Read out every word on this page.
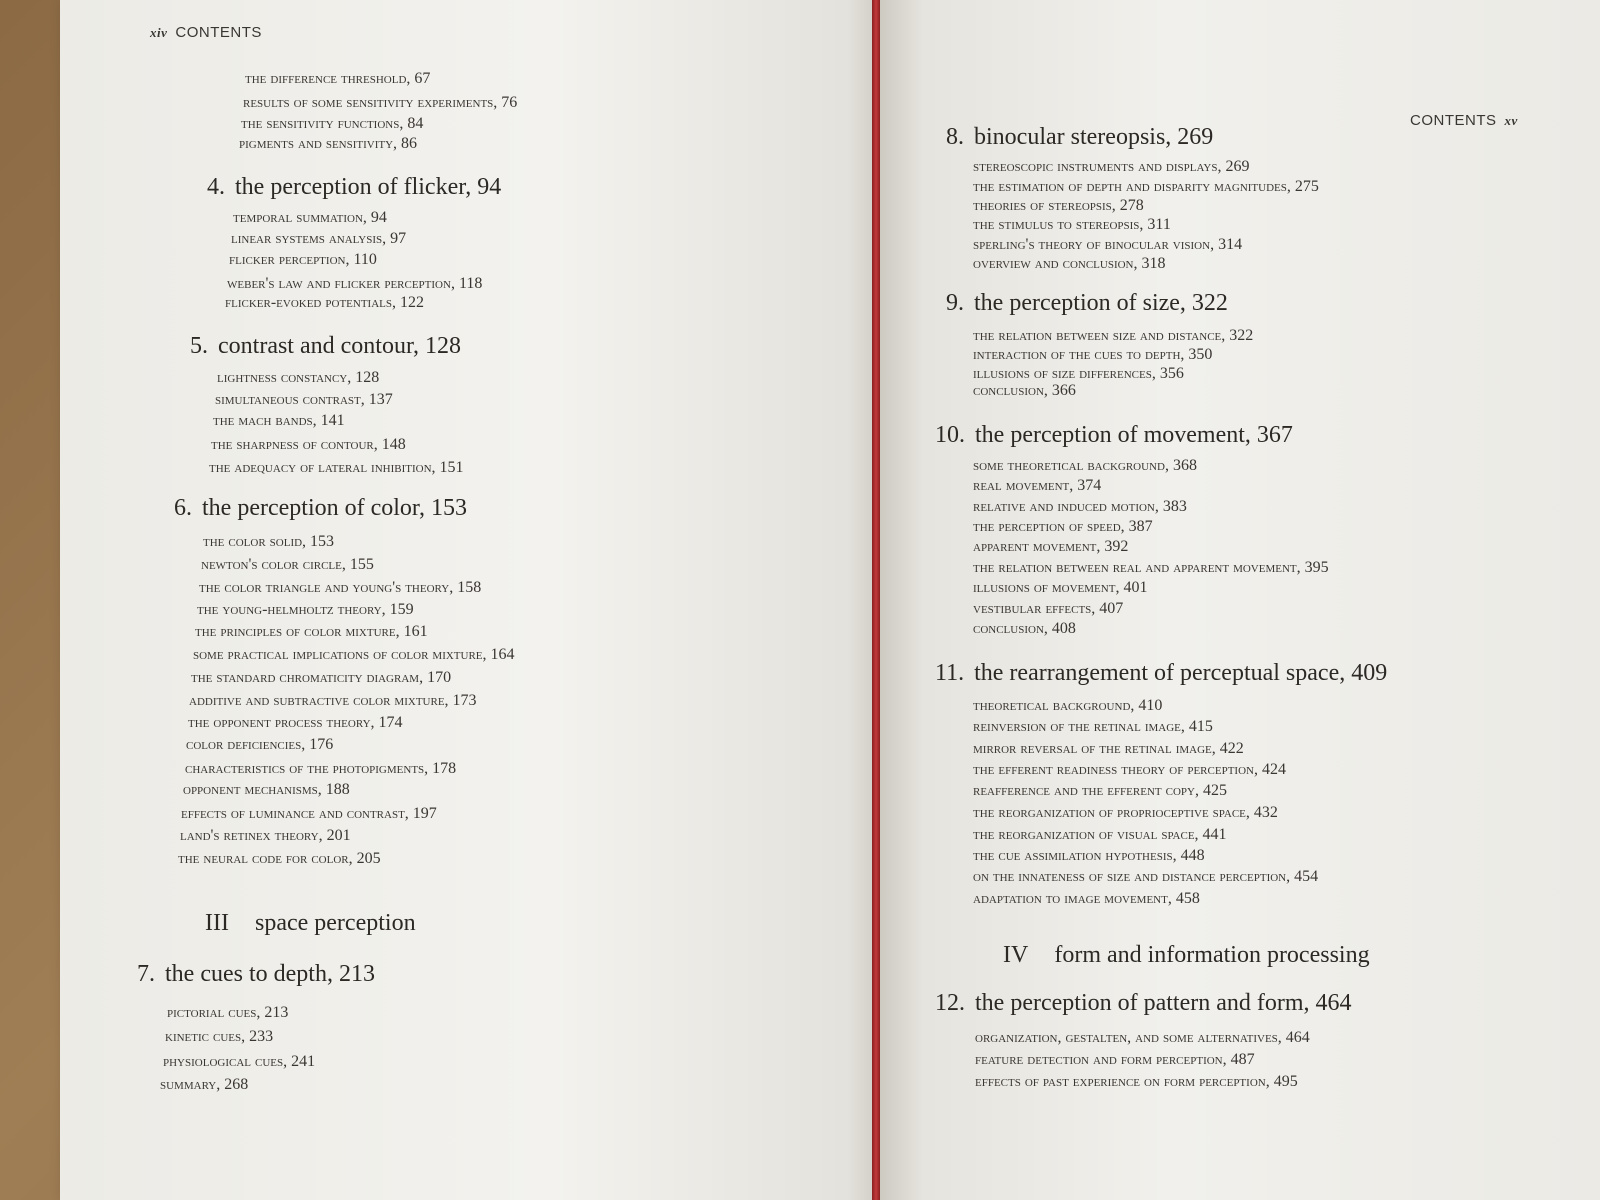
xiv CONTENTS
the difference threshold, 67
results of some sensitivity experiments, 76
the sensitivity functions, 84
pigments and sensitivity, 86
4. the perception of flicker, 94
temporal summation, 94
linear systems analysis, 97
flicker perception, 110
weber's law and flicker perception, 118
flicker-evoked potentials, 122
5. contrast and contour, 128
lightness constancy, 128
simultaneous contrast, 137
the mach bands, 141
the sharpness of contour, 148
the adequacy of lateral inhibition, 151
6. the perception of color, 153
the color solid, 153
newton's color circle, 155
the color triangle and young's theory, 158
the young-helmholtz theory, 159
the principles of color mixture, 161
some practical implications of color mixture, 164
the standard chromaticity diagram, 170
additive and subtractive color mixture, 173
the opponent process theory, 174
color deficiencies, 176
characteristics of the photopigments, 178
opponent mechanisms, 188
effects of luminance and contrast, 197
land's retinex theory, 201
the neural code for color, 205
III space perception
7. the cues to depth, 213
pictorial cues, 213
kinetic cues, 233
physiological cues, 241
summary, 268
CONTENTS xv
8. binocular stereopsis, 269
stereoscopic instruments and displays, 269
the estimation of depth and disparity magnitudes, 275
theories of stereopsis, 278
the stimulus to stereopsis, 311
sperling's theory of binocular vision, 314
overview and conclusion, 318
9. the perception of size, 322
the relation between size and distance, 322
interaction of the cues to depth, 350
illusions of size differences, 356
conclusion, 366
10. the perception of movement, 367
some theoretical background, 368
real movement, 374
relative and induced motion, 383
the perception of speed, 387
apparent movement, 392
the relation between real and apparent movement, 395
illusions of movement, 401
vestibular effects, 407
conclusion, 408
11. the rearrangement of perceptual space, 409
theoretical background, 410
reinversion of the retinal image, 415
mirror reversal of the retinal image, 422
the efferent readiness theory of perception, 424
reafference and the efferent copy, 425
the reorganization of proprioceptive space, 432
the reorganization of visual space, 441
the cue assimilation hypothesis, 448
on the innateness of size and distance perception, 454
adaptation to image movement, 458
IV form and information processing
12. the perception of pattern and form, 464
organization, gestalten, and some alternatives, 464
feature detection and form perception, 487
effects of past experience on form perception, 495
